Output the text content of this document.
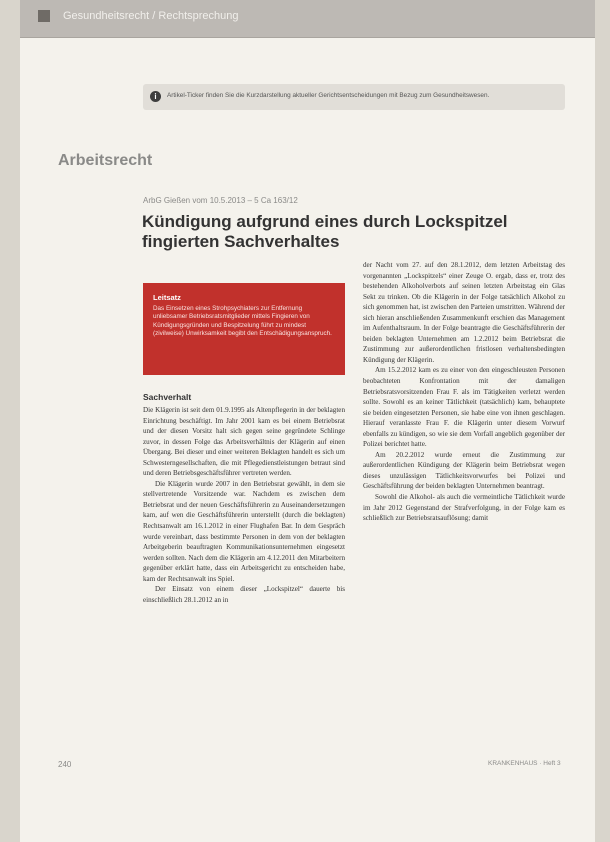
Gesundheitsrecht / Rechtsprechung
i	Artikel-Ticker finden Sie die Kurzdarstellung aktueller Gerichtsentscheidungen mit Bezug zum Gesundheitswesen.
Arbeitsrecht
ArbG Gießen vom 10.5.2013 – 5 Ca 163/12
Kündigung aufgrund eines durch Lockspitzel fingierten Sachverhaltes
Leitsatz
Das Einsetzen eines Strohpsychiaters zur Entfernung unliebsamer Betriebsratsmitglieder mittels Fingieren von Kündigungsgründen und Bespitzelung führt zu mindest (zivilweise) Unwirksamkeit begibt den Entschädigungsanspruch.
Sachverhalt

Die Klägerin ist seit dem 01.9.1995 als Altenpflegerin in der beklagten Einrichtung beschäftigt. Im Jahr 2001 kam es bei einem Betriebsrat und der diesen Vorsitz halt sich gegen seine gegründete Schlinge zuvor, in dessen Folge das Arbeitsverhältnis der Klägerin auf einen Übergang. Bei dieser und einer weiteren Beklagten handelt es sich um Schwesterngesellschaften, die mit Pflegedienstleistungen betraut sind und deren Betriebsgeschäftsführer vertreten werden.

Die Klägerin wurde 2007 in den Betriebsrat gewählt, in dem sie stellvertretende Vorsitzende war. Nachdem es zwischen dem Betriebsrat und der neuen Geschäftsführerin zu Auseinandersetzungen kam, auf wen die Geschäftsführerin unterstellt (durch die beklagten) Rechtsanwalt am 16.1.2012 in einer Flughafen Bar. In dem Gespräch wurde vereinbart, dass bestimmte Personen in dem von der beklagten Arbeitgeberin beauftragten Kommunikationsunternehmen eingesetzt werden sollten. Nach dem die Klägerin am 4.12.2011 den Mitarbeitern gegenüber erklärt hatte, dass ein Arbeitsgericht zu entscheiden habe, kam der Rechtsanwalt ins Spiel.

Der Einsatz von einem dieser „Lockspitzel“ dauerte bis einschließlich 28.1.2012 an in

der Nacht vom 27. auf den 28.1.2012, dem letzten Arbeitstag des vorgenannten „Lockspitzels“ einer Zeuge O. ergab, dass er, trotz des bestehenden Alkoholverbots auf seinen letzten Arbeitstag ein Glas Sekt zu trinken. Ob die Klägerin in der Folge tatsächlich Alkohol zu sich genommen hat, ist zwischen den Parteien umstritten. Während der sich hieran anschließenden Zusammenkunft erschien das Management im Aufenthaltsraum. In der Folge beantragte die Geschäftsführerin der beiden beklagten Unternehmen am 1.2.2012 beim Betriebsrat die Zustimmung zur außerordentlichen fristlosen verhaltensbedingten Kündigung der Klägerin.

Am 15.2.2012 kam es zu einer von den eingeschleusten Personen beobachteten Konfrontation mit der damaligen Betriebsratsvorsitzenden Frau F. als im Tätigkeiten verletzt werden sollte. Sowohl es an keiner Tätlichkeit (tatsächlich) kam, behauptete sie beiden eingesetzten Personen, sie habe eine von ihnen geschlagen. Hierauf veranlasste Frau F. die Klägerin unter diesem Vorwurf ebenfalls zu kündigen, so wie sie dem Vorfall angeblich gegenüber der Polizei berichtet hatte.

Am 20.2.2012 wurde erneut die Zustimmung zur außerordentlichen Kündigung der Klägerin beim Betriebsrat wegen dieses unzulässigen Tätlichkeitsvorwurfes bei Polizei und Geschäftsführung der beiden beklagten Unternehmen beantragt.

Sowohl die Alkohol- als auch die vermeintliche Tätlichkeit wurde im Jahr 2012 Gegenstand der Strafverfolgung, in der Folge kam es schließlich zur Betriebsratsauflösung; damit

240	KRANKENHAUS · Heft 3
